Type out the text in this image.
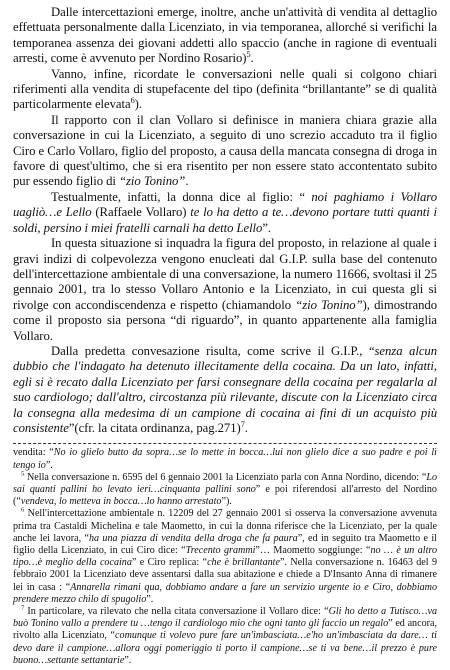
Dalle intercettazioni emerge, inoltre, anche un'attività di vendita al dettaglio effettuata personalmente dalla Licenziato, in via temporanea, allorché si verifichi la temporanea assenza dei giovani addetti allo spaccio (anche in ragione di eventuali arresti, come è avvenuto per Nordino Rosario)$^5$.

Vanno, infine, ricordate le conversazioni nelle quali si colgono chiari riferimenti alla vendita di stupefacente del tipo (definita “brillantante” se di qualità particolarmente elevata$^6$).

Il rapporto con il clan Vollaro si definisce in maniera chiara grazie alla conversazione in cui la Licenziato, a seguito di uno screzio accaduto tra il figlio Ciro e Carlo Vollaro, figlio del proposto, a causa della mancata consegna di droga in favore di quest'ultimo, che si era risentito per non essere stato accontentato subito pur essendo figlio di “zio Tonino”.

Testualmente, infatti, la donna dice al figlio: “ noi paghiamo i Vollaro uagliò…e Lello (Raffaele Vollaro) te lo ha detto a te…devono portare tutti quanti i soldi, persino i miei fratelli carnali ha detto Lello”.

In questa situazione si inquadra la figura del proposto, in relazione al quale i gravi indizi di colpevolezza vengono enucleati dal G.I.P. sulla base del contenuto dell'intercettazione ambientale di una conversazione, la numero 11666, svoltasi il 25 gennaio 2001, tra lo stesso Vollaro Antonio e la Licenziato, in cui questa gli si rivolge con accondiscendenza e rispetto (chiamandolo “zio Tonino”), dimostrando come il proposto sia persona “di riguardo”, in quanto appartenente alla famiglia Vollaro.

Dalla predetta convesazione risulta, come scrive il G.I.P., “senza alcun dubbio che l'indagato ha detenuto illecitamente della cocaina. Da un lato, infatti, egli si è recato dalla Licenziato per farsi consegnare della cocaina per regalarla al suo cardiologo; dall'altro, circostanza più rilevante, discute con la Licenziato circa la consegna alla medesima di un campione di cocaina ai fini di un acquisto più consistente”(cfr. la citata ordinanza, pag.271)$^7$.

vendita: “No io glielo butto da sopra…se lo mette in bocca…lui non glielo dice a suo padre e poi lì tengo io”.

$^5$ Nella conversazione n. 6595 del 6 gennaio 2001 la Licenziato parla con Anna Nordino, dicendo: “Lo sai quanti pallini ho levato ieri…cinquanta pallini sono” e poi riferendosi all'arresto del Nordino (“vendeva, lo metteva in bocca…lo hanno arrestato”).

$^6$ Nell'intercettazione ambientale n. 12209 del 27 gennaio 2001 si osserva la conversazione avvenuta prima tra Castaldi Michelina e tale Maometto, in cui la donna riferisce che la Licenziato, per la quale anche lei lavora, “ha una piazza di vendita della droga che fa paura”, ed in seguito tra Maometto e il figlio della Licenziato, in cui Ciro dice: “Trecento grammi”… Maometto soggiunge: “no … è un altro tipo…è meglio della cocaina” e Ciro replica: “che è brillantante”. Nella conversazione n. 16463 del 9 febbraio 2001 la Licenziato deve assentarsi dalla sua abitazione e chiede a D'Insanto Anna di rimanere lei in casa : “Annarella rimani qua, dobbiamo andare a fare un servizio urgente io e Ciro, dobbiamo prendere mezzo chilo di spugolio”.

$^7$ In particolare, va rilevato che nella citata conversazione il Vollaro dice: “Gli ho detto a Tutisco…va buò Tonino vallo a prendere tu …tengo il cardiologo mio che ogni tanto gli faccio un regalo” ed ancora, rivolto alla Licenziato, “comunque ti volevo pure fare un'imbasciata…e'ho un'imbasciata da dare… ti devo dare il campione…allora oggi pomeriggio ti porto il campione…se ti va bene…il prezzo è pure buono…settante settantarie”.
